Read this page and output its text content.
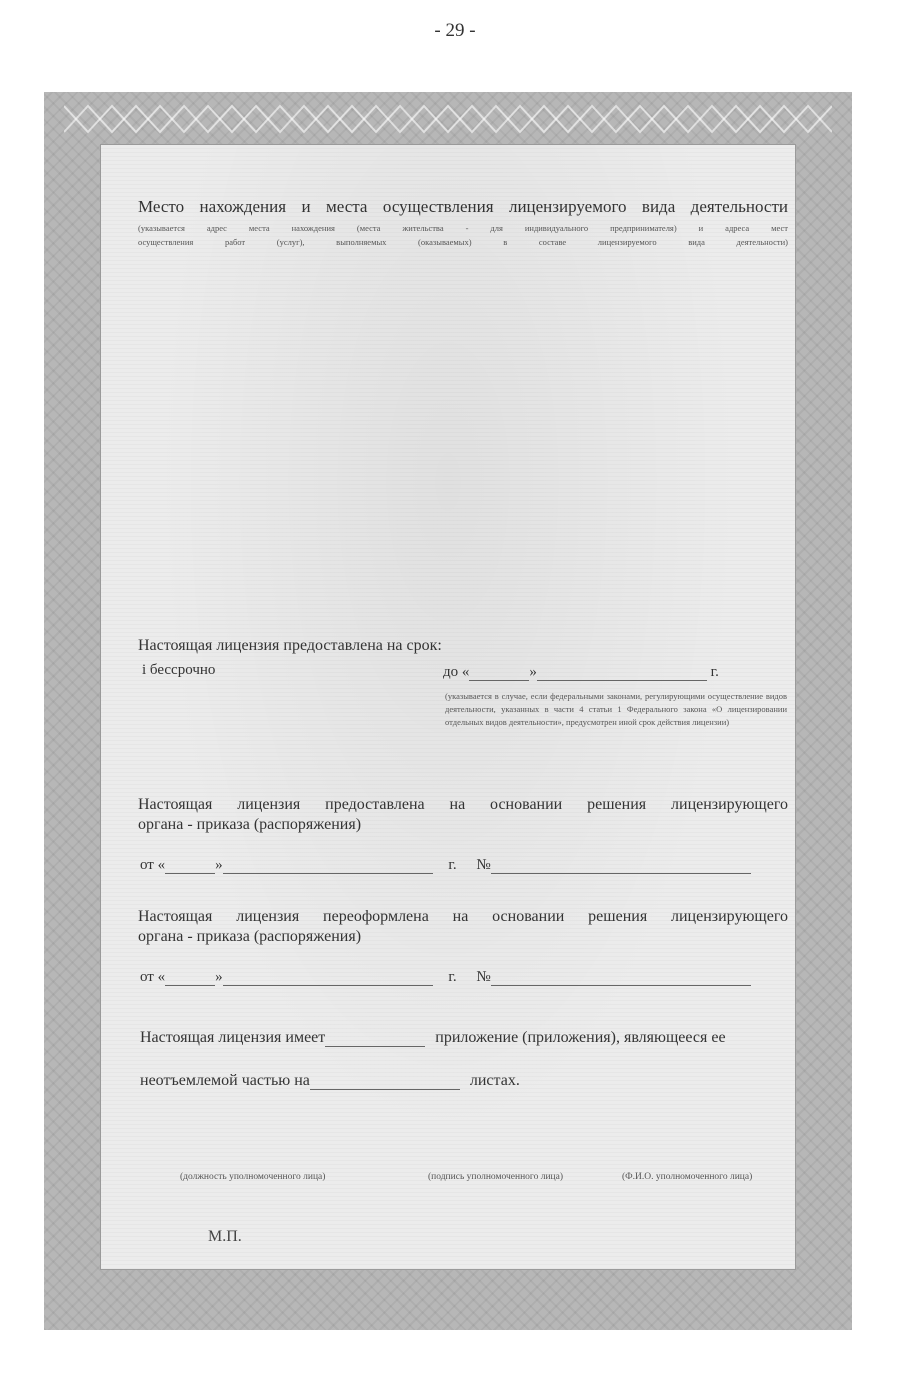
- 29 -
Место нахождения и места осуществления лицензируемого вида деятельности
(указывается адрес места нахождения (места жительства - для индивидуального предпринимателя) и адреса мест
осуществления работ (услуг), выполняемых (оказываемых) в составе лицензируемого вида деятельности)
Настоящая лицензия предоставлена на срок:
і бессрочно	до «	»	г.
(указывается в случае, если федеральными законами, регулирующими осуществление видов деятельности, указанных в части 4 статьи 1 Федерального закона «О лицензировании отдельных видов деятельности», предусмотрен иной срок действия лицензии)
Настоящая лицензия предоставлена на основании решения лицензирующего
органа - приказа (распоряжения)
от «	»	г. №
Настоящая лицензия переоформлена на основании решения лицензирующего
органа - приказа (распоряжения)
от «	»	г. №
Настоящая лицензия имеет	приложение (приложения), являющееся ее
неотъемлемой частью на	листах.
(должность уполномоченного лица)	(подпись уполномоченного лица)	(Ф.И.О. уполномоченного лица)
М.П.
